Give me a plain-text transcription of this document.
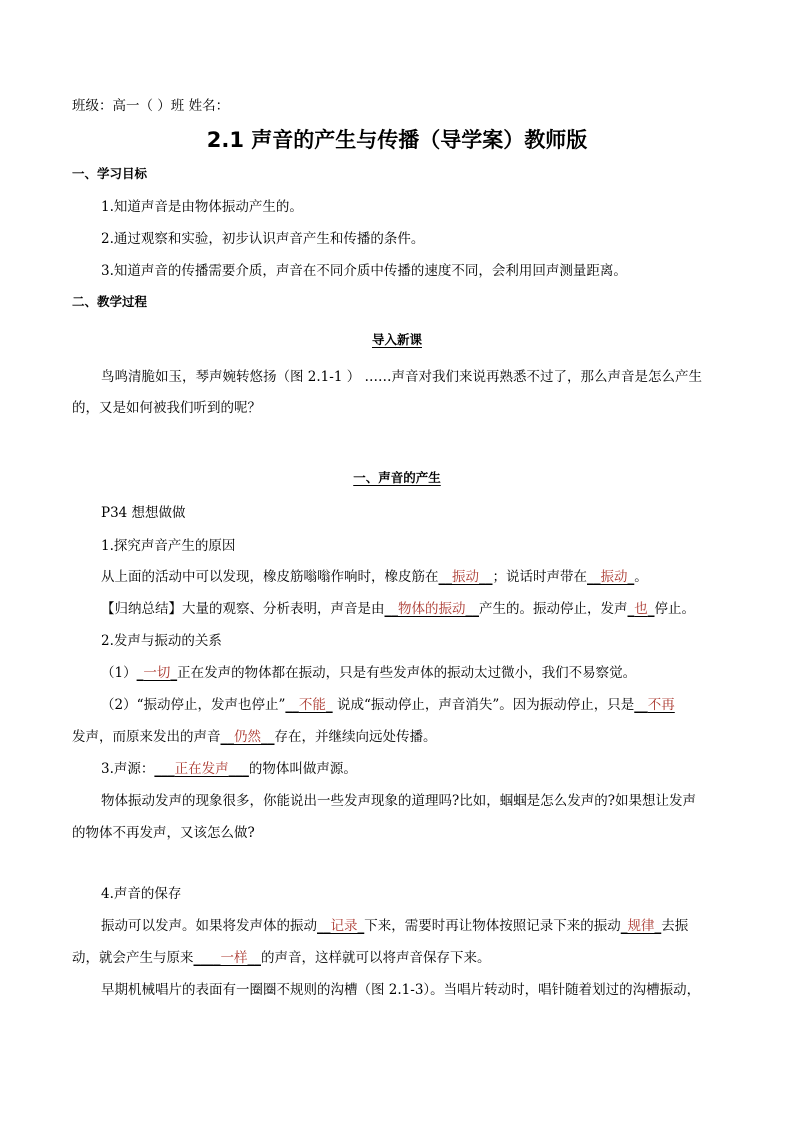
班级：高一（ ）班 姓名：
2.1 声音的产生与传播（导学案）教师版
一、学习目标
1.知道声音是由物体振动产生的。
2.通过观察和实验，初步认识声音产生和传播的条件。
3.知道声音的传播需要介质，声音在不同介质中传播的速度不同，会利用回声测量距离。
二、教学过程
导入新课
鸟鸣清脆如玉，琴声婉转悠扬（图 2.1-1 ） ……声音对我们来说再熟悉不过了，那么声音是怎么产生
的，又是如何被我们听到的呢？
一、声音的产生
P34 想想做做
1.探究声音产生的原因
从上面的活动中可以发现，橡皮筋嗡嗡作响时，橡皮筋在__振动__；说话时声带在__振动_。
【归纳总结】大量的观察、分析表明，声音是由__物体的振动__产生的。振动停止，发声_也_停止。
2.发声与振动的关系
（1）_一切_正在发声的物体都在振动，只是有些发声体的振动太过微小，我们不易察觉。
（2）“振动停止，发声也停止”__不能_ 说成“振动停止，声音消失”。因为振动停止，只是__不再
发声，而原来发出的声音__仍然__存在，并继续向远处传播。
3.声源：___正在发声___的物体叫做声源。
物体振动发声的现象很多，你能说出一些发声现象的道理吗?比如，蝈蝈是怎么发声的?如果想让发声
的物体不再发声，又该怎么做?
4.声音的保存
振动可以发声。如果将发声体的振动__记录_下来，需要时再让物体按照记录下来的振动_规律_去振
动，就会产生与原来____一样__的声音，这样就可以将声音保存下来。
早期机械唱片的表面有一圈圈不规则的沟槽（图 2.1-3）。当唱片转动时，唱针随着划过的沟槽振动，
